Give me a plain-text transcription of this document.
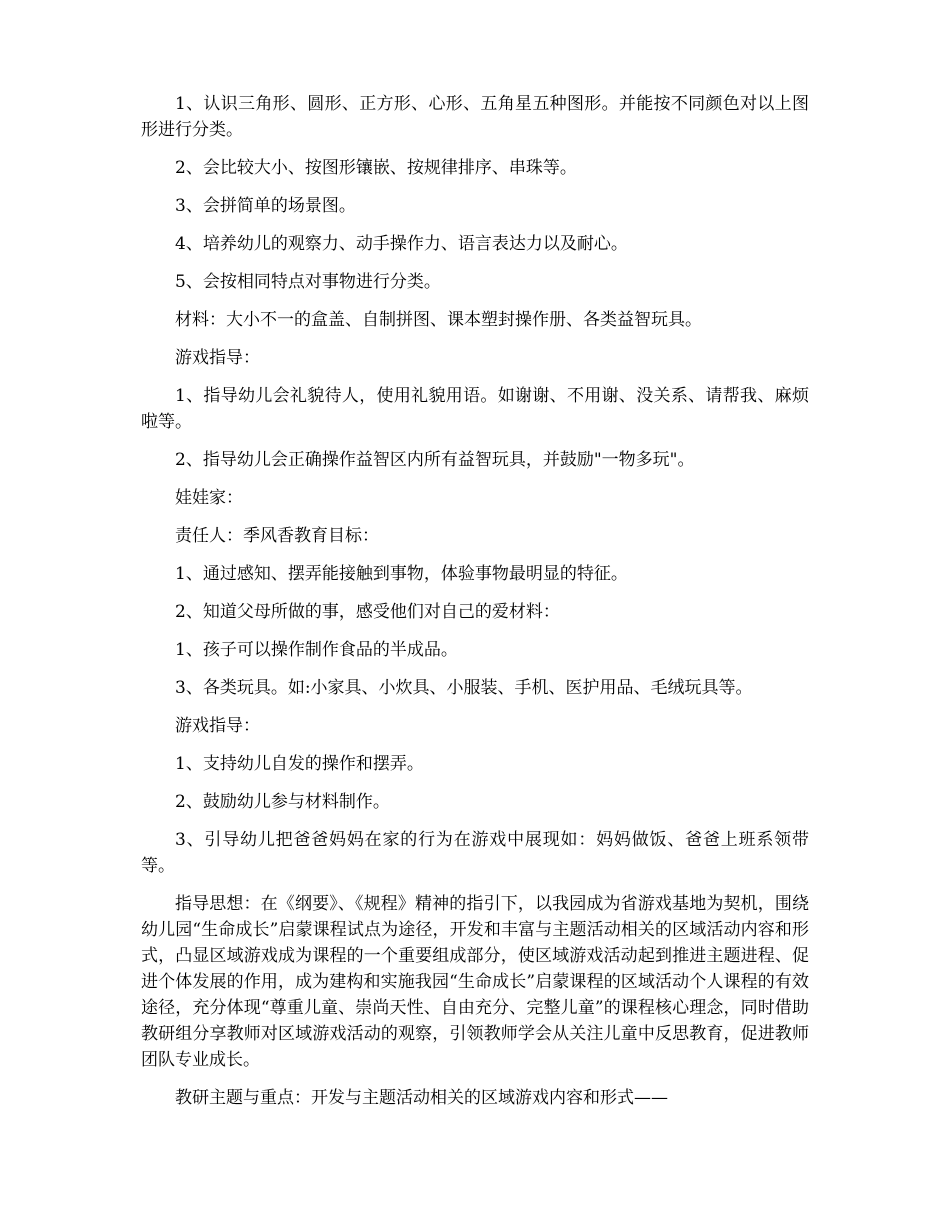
1、认识三角形、圆形、正方形、心形、五角星五种图形。并能按不同颜色对以上图形进行分类。

2、会比较大小、按图形镶嵌、按规律排序、串珠等。

3、会拼简单的场景图。

4、培养幼儿的观察力、动手操作力、语言表达力以及耐心。

5、会按相同特点对事物进行分类。

材料：大小不一的盒盖、自制拼图、课本塑封操作册、各类益智玩具。

游戏指导：

1、指导幼儿会礼貌待人，使用礼貌用语。如谢谢、不用谢、没关系、请帮我、麻烦啦等。

2、指导幼儿会正确操作益智区内所有益智玩具，并鼓励"一物多玩"。

娃娃家：

责任人：季风香教育目标：

1、通过感知、摆弄能接触到事物，体验事物最明显的特征。

2、知道父母所做的事，感受他们对自己的爱材料：

1、孩子可以操作制作食品的半成品。

3、各类玩具。如:小家具、小炊具、小服装、手机、医护用品、毛绒玩具等。

游戏指导：

1、支持幼儿自发的操作和摆弄。

2、鼓励幼儿参与材料制作。

3、引导幼儿把爸爸妈妈在家的行为在游戏中展现如：妈妈做饭、爸爸上班系领带等。

指导思想：在《纲要》、《规程》精神的指引下，以我园成为省游戏基地为契机，围绕幼儿园“生命成长”启蒙课程试点为途径，开发和丰富与主题活动相关的区域活动内容和形式，凸显区域游戏成为课程的一个重要组成部分，使区域游戏活动起到推进主题进程、促进个体发展的作用，成为建构和实施我园“生命成长”启蒙课程的区域活动个人课程的有效途径，充分体现“尊重儿童、崇尚天性、自由充分、完整儿童”的课程核心理念，同时借助教研组分享教师对区域游戏活动的观察，引领教师学会从关注儿童中反思教育，促进教师团队专业成长。

教研主题与重点：开发与主题活动相关的区域游戏内容和形式——
